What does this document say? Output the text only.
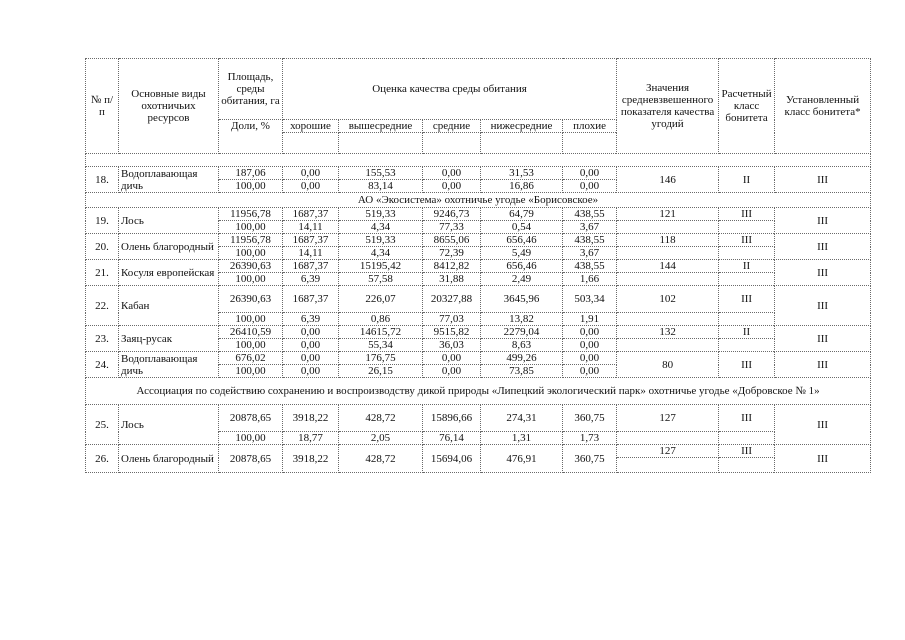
№ п/п	Основные виды охотничьих ресурсов	Площадь, среды обитания, га	Оценка качества среды обитания					Значения средневзвешенного показателя качества угодий	Расчетный класс бонитета	Установленный класс бонитета*
		Доли, %	хорошие	вышесредние	средние	нижесредние	плохие			

18.	Водоплавающая дичь	187,06	0,00	155,53	0,00	31,53	0,00	146	II	III
		100,00	0,00	83,14	0,00	16,86	0,00			
АО «Экосистема» охотничье угодье «Борисовское»										
19.	Лось	11956,78	1687,37	519,33	9246,73	64,79	438,55	121	III	III
		100,00	14,11	4,34	77,33	0,54	3,67			
20.	Олень благородный	11956,78	1687,37	519,33	8655,06	656,46	438,55	118	III	III
		100,00	14,11	4,34	72,39	5,49	3,67			
21.	Косуля европейская	26390,63	1687,37	15195,42	8412,82	656,46	438,55	144	II	III
		100,00	6,39	57,58	31,88	2,49	1,66			
22.	Кабан	26390,63	1687,37	226,07	20327,88	3645,96	503,34	102	III	III
		100,00	6,39	0,86	77,03	13,82	1,91			
23.	Заяц-русак	26410,59	0,00	14615,72	9515,82	2279,04	0,00	132	II	III
		100,00	0,00	55,34	36,03	8,63	0,00			
24.	Водоплавающая дичь	676,02	0,00	176,75	0,00	499,26	0,00	80	III	III
		100,00	0,00	26,15	0,00	73,85	0,00			
Ассоциация по содействию сохранению и воспроизводству дикой природы «Липецкий экологический парк» охотничье угодье «Добровское № 1»										
25.	Лось	20878,65	3918,22	428,72	15896,66	274,31	360,75	127	III	III
		100,00	18,77	2,05	76,14	1,31	1,73			
26.	Олень благородный	20878,65	3918,22	428,72	15694,06	476,91	360,75	127	III	III
